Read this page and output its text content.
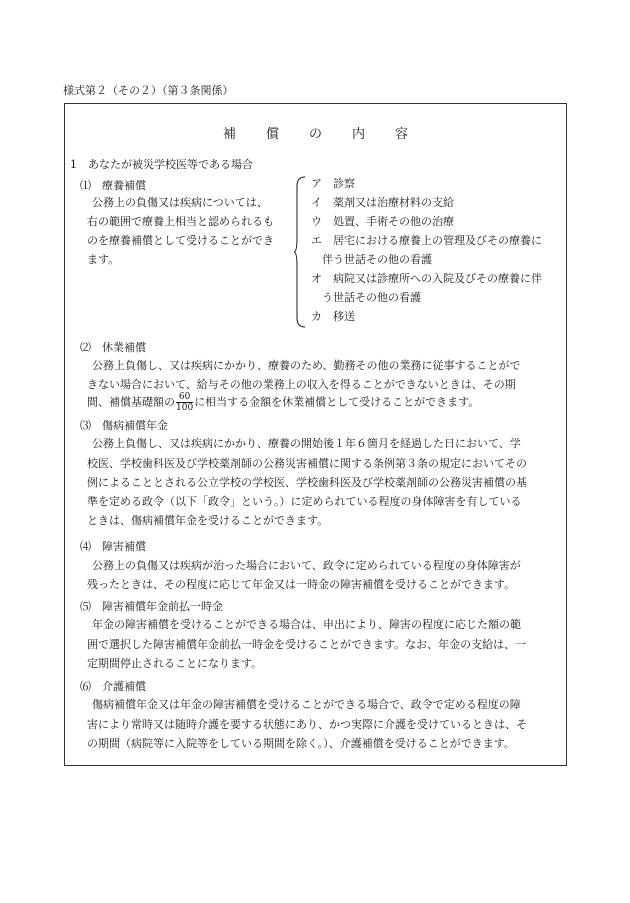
様式第２（その２）（第３条関係）
補 償 の 内 容
1　あなたが被災学校医等である場合
⑴　療養補償
公務上の負傷又は疾病については、
右の範囲で療養上相当と認められるも
のを療養補償として受けることができ
ます。
ア　診察
イ　薬剤又は治療材料の支給
ウ　処置、手術その他の治療
エ　居宅における療養上の管理及びその療養に
伴う世話その他の看護
オ　病院又は診療所への入院及びその療養に伴
う世話その他の看護
カ　移送
⑵　休業補償
公務上負傷し、又は疾病にかかり、療養のため、勤務その他の業務に従事することがで
きない場合において、給与その他の業務上の収入を得ることができないときは、その期
間、補償基礎額の $\frac{60}{100}$ に相当する金額を休業補償として受けることができます。
⑶　傷病補償年金
公務上負傷し、又は疾病にかかり、療養の開始後１年６箇月を経過した日において、学
校医、学校歯科医及び学校薬剤師の公務災害補償に関する条例第３条の規定においてその
例によることとされる公立学校の学校医、学校歯科医及び学校薬剤師の公務災害補償の基
準を定める政令（以下「政令」という。）に定められている程度の身体障害を有している
ときは、傷病補償年金を受けることができます。
⑷　障害補償
公務上の負傷又は疾病が治った場合において、政令に定められている程度の身体障害が
残ったときは、その程度に応じて年金又は一時金の障害補償を受けることができます。
⑸　障害補償年金前払一時金
年金の障害補償を受けることができる場合は、申出により、障害の程度に応じた額の範
囲で選択した障害補償年金前払一時金を受けることができます。なお、年金の支給は、一
定期間停止されることになります。
⑹　介護補償
傷病補償年金又は年金の障害補償を受けることができる場合で、政令で定める程度の障
害により常時又は随時介護を要する状態にあり、かつ実際に介護を受けているときは、そ
の期間（病院等に入院等をしている期間を除く。）、介護補償を受けることができます。
